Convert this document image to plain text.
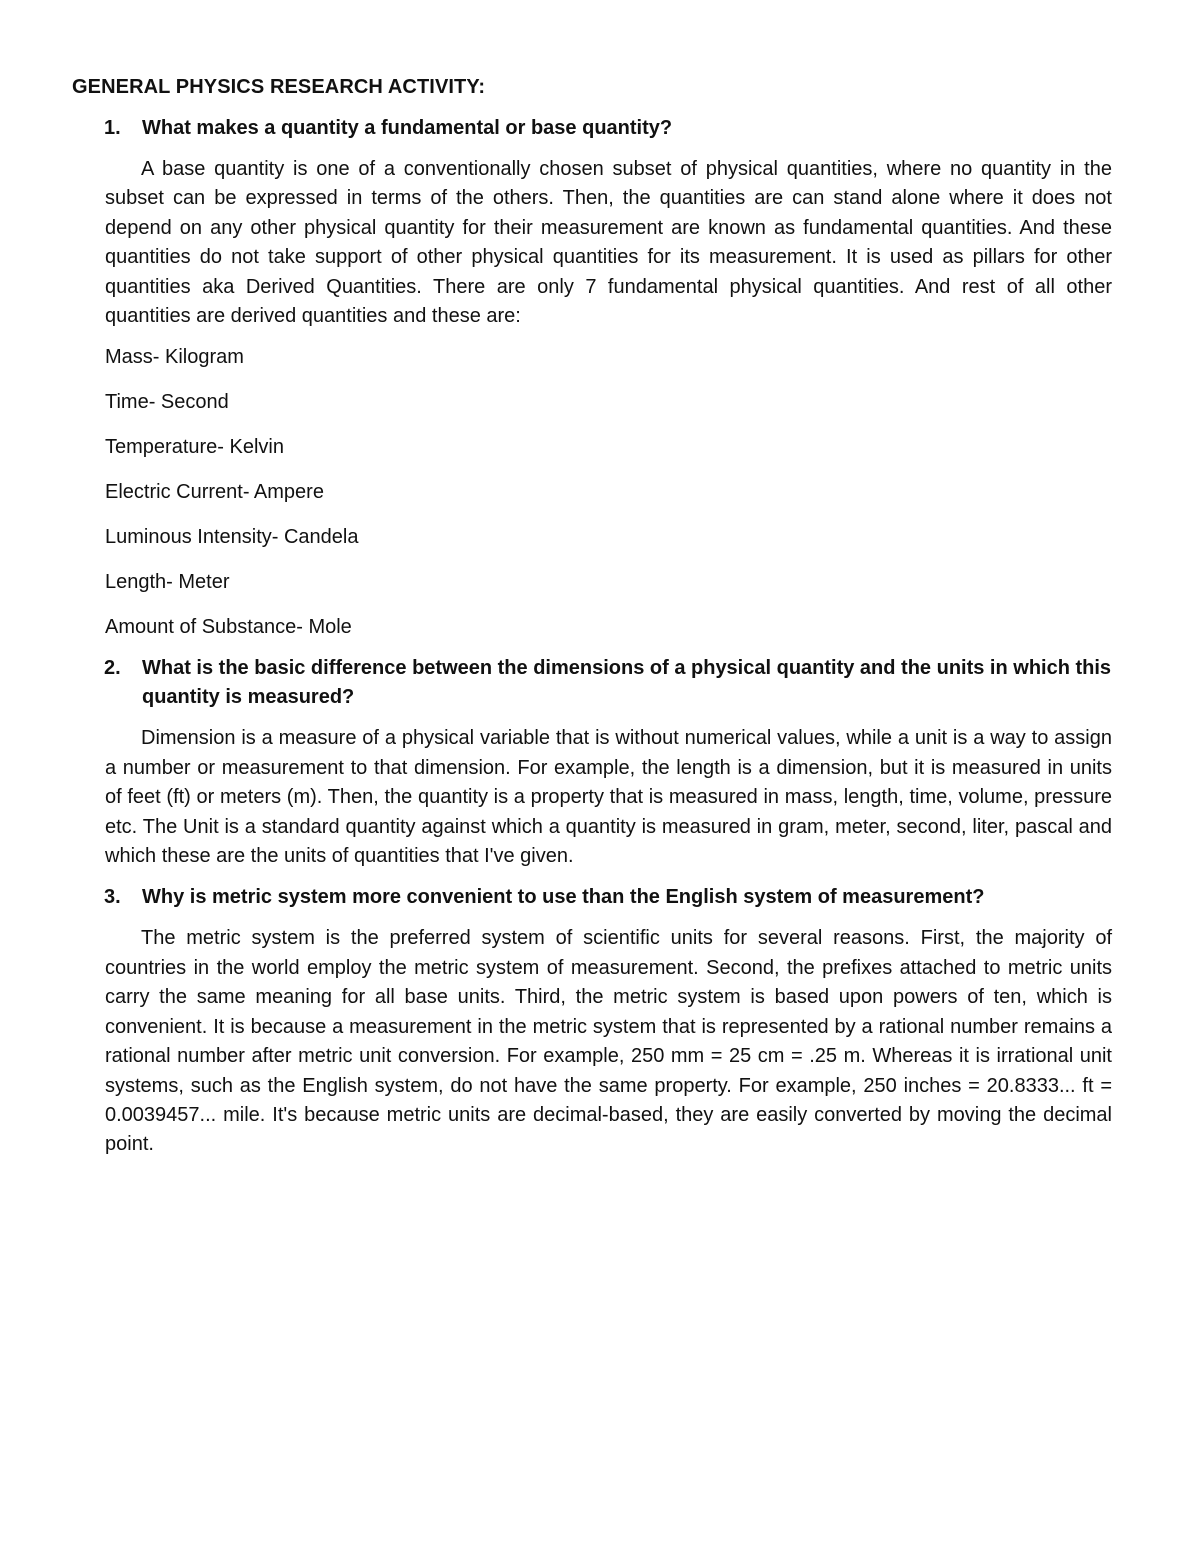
GENERAL PHYSICS RESEARCH ACTIVITY:
1.	What makes a quantity a fundamental or base quantity?

A base quantity is one of a conventionally chosen subset of physical quantities, where no quantity in the subset can be expressed in terms of the others. Then, the quantities are can stand alone where it does not depend on any other physical quantity for their measurement are known as fundamental quantities. And these quantities do not take support of other physical quantities for its measurement. It is used as pillars for other quantities aka Derived Quantities. There are only 7 fundamental physical quantities. And rest of all other quantities are derived quantities and these are:

Mass- Kilogram
Time- Second
Temperature- Kelvin
Electric Current- Ampere
Luminous Intensity- Candela
Length- Meter
Amount of Substance- Mole
2.	What is the basic difference between the dimensions of a physical quantity and the units in which this quantity is measured?

Dimension is a measure of a physical variable that is without numerical values, while a unit is a way to assign a number or measurement to that dimension. For example, the length is a dimension, but it is measured in units of feet (ft) or meters (m). Then, the quantity is a property that is measured in mass, length, time, volume, pressure etc. The Unit is a standard quantity against which a quantity is measured in gram, meter, second, liter, pascal and which these are the units of quantities that I've given.

3.	Why is metric system more convenient to use than the English system of measurement?

The metric system is the preferred system of scientific units for several reasons. First, the majority of countries in the world employ the metric system of measurement. Second, the prefixes attached to metric units carry the same meaning for all base units. Third, the metric system is based upon powers of ten, which is convenient. It is because a measurement in the metric system that is represented by a rational number remains a rational number after metric unit conversion. For example, 250 mm = 25 cm = .25 m. Whereas it is irrational unit systems, such as the English system, do not have the same property. For example, 250 inches = 20.8333... ft = 0.0039457... mile. It's because metric units are decimal-based, they are easily converted by moving the decimal point.
